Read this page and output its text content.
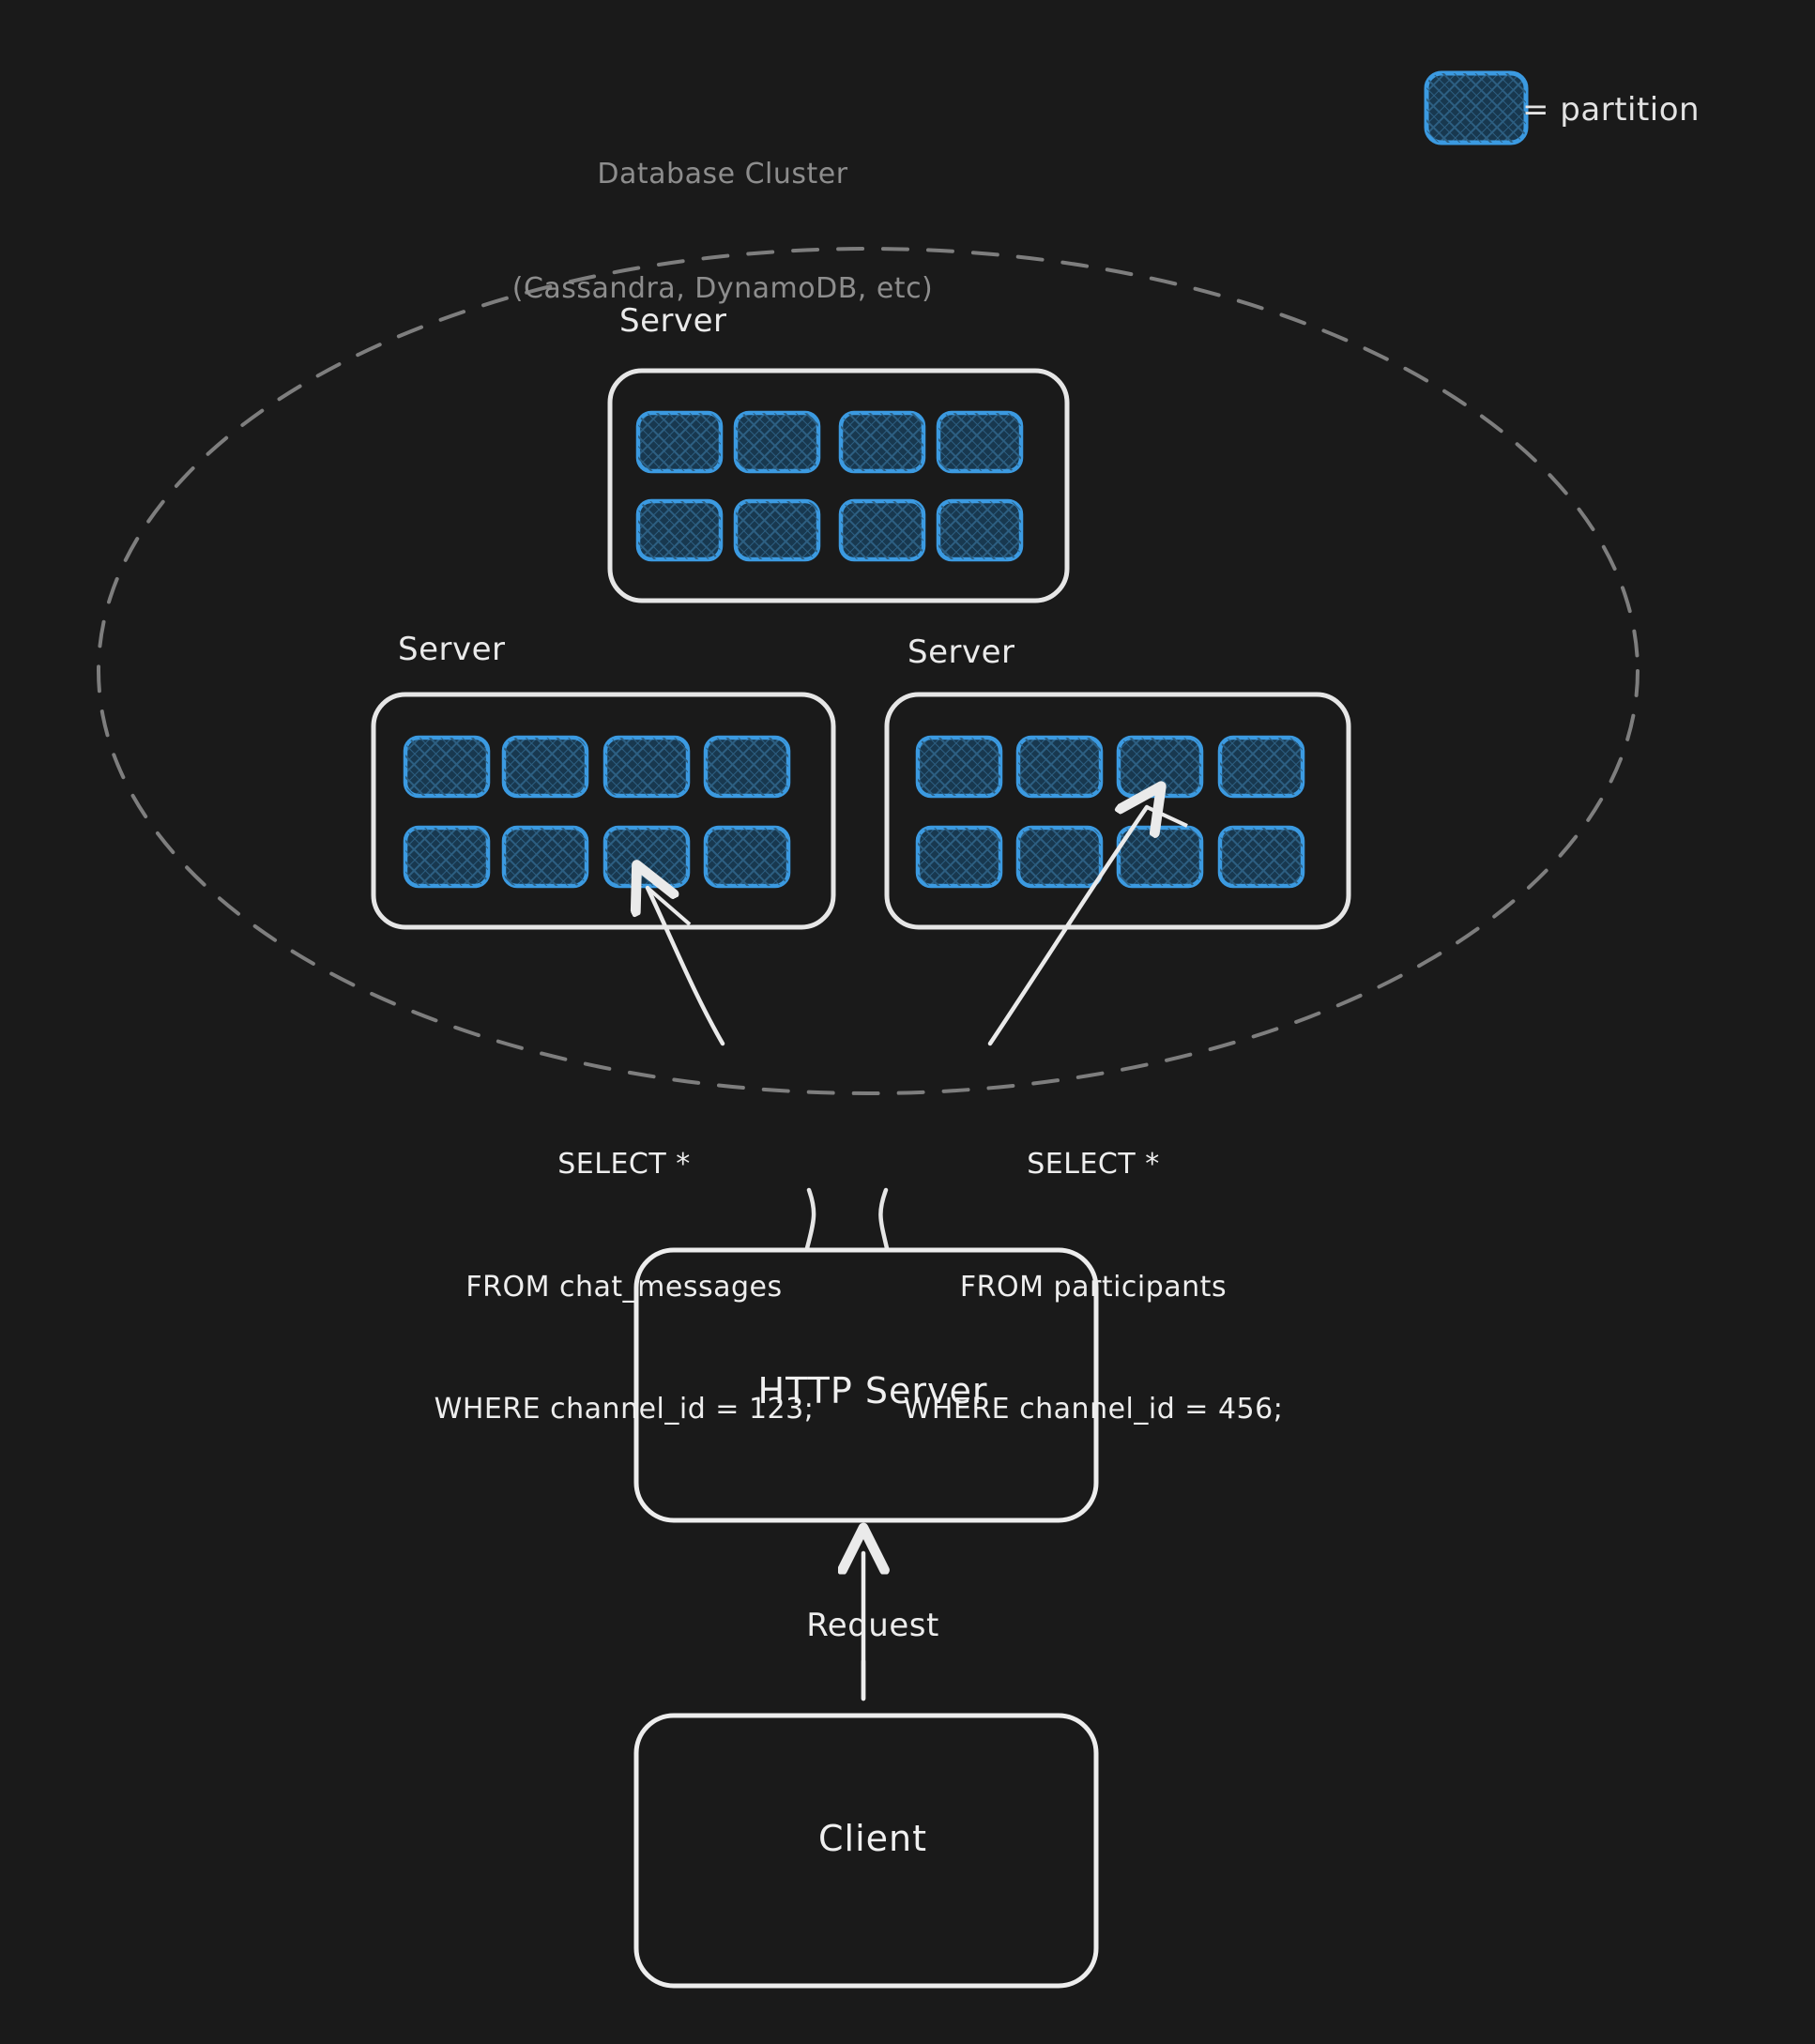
Database Cluster

(Cassandra, DynamoDB, etc)

= partition
Server
Server	Server

SELECT *

FROM chat_messages

WHERE channel_id = 123;

SELECT *

FROM participants

WHERE channel_id = 456;

HTTP Server
Request
Client
